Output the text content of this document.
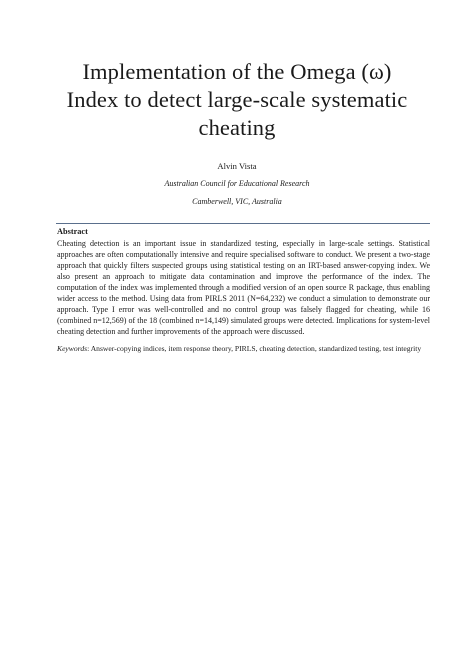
Implementation of the Omega (ω)
Index to detect large-scale systematic
cheating
Alvin Vista
Australian Council for Educational Research
Camberwell, VIC, Australia
Abstract

Cheating detection is an important issue in standardized testing, especially in large-scale settings. Statistical approaches are often computationally intensive and require specialised software to conduct. We present a two-stage approach that quickly filters suspected groups using statistical testing on an IRT-based answer-copying index. We also present an approach to mitigate data contamination and improve the performance of the index. The computation of the index was implemented through a modified version of an open source R package, thus enabling wider access to the method. Using data from PIRLS 2011 (N=64,232) we conduct a simulation to demonstrate our approach. Type I error was well-controlled and no control group was falsely flagged for cheating, while 16 (combined n=12,569) of the 18 (combined n=14,149) simulated groups were detected. Implications for system-level cheating detection and further improvements of the approach were discussed.

Keywords: Answer-copying indices, item response theory, PIRLS, cheating detection, standardized testing, test integrity
